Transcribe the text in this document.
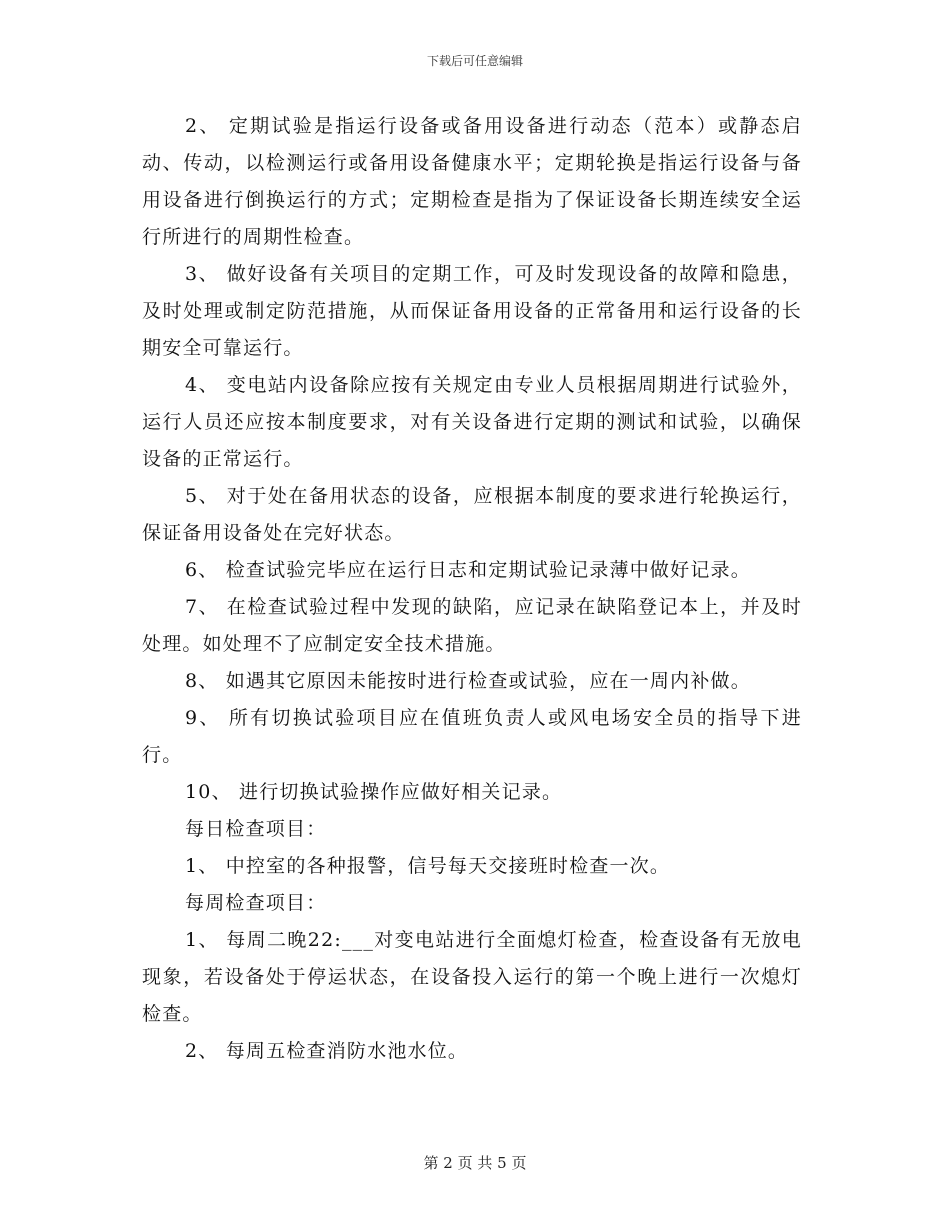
下载后可任意编辑

2、 定期试验是指运行设备或备用设备进行动态（范本）或静态启动、传动，以检测运行或备用设备健康水平；定期轮换是指运行设备与备用设备进行倒换运行的方式；定期检查是指为了保证设备长期连续安全运行所进行的周期性检查。

3、 做好设备有关项目的定期工作，可及时发现设备的故障和隐患，及时处理或制定防范措施，从而保证备用设备的正常备用和运行设备的长期安全可靠运行。

4、 变电站内设备除应按有关规定由专业人员根据周期进行试验外，运行人员还应按本制度要求，对有关设备进行定期的测试和试验，以确保设备的正常运行。

5、 对于处在备用状态的设备，应根据本制度的要求进行轮换运行，保证备用设备处在完好状态。

6、 检查试验完毕应在运行日志和定期试验记录薄中做好记录。

7、 在检查试验过程中发现的缺陷，应记录在缺陷登记本上，并及时处理。如处理不了应制定安全技术措施。

8、 如遇其它原因未能按时进行检查或试验，应在一周内补做。

9、 所有切换试验项目应在值班负责人或风电场安全员的指导下进行。

10、 进行切换试验操作应做好相关记录。

每日检查项目：

1、 中控室的各种报警，信号每天交接班时检查一次。

每周检查项目：

1、 每周二晚22:___对变电站进行全面熄灯检查，检查设备有无放电现象，若设备处于停运状态，在设备投入运行的第一个晚上进行一次熄灯检查。

2、 每周五检查消防水池水位。

第 2 页 共 5 页
